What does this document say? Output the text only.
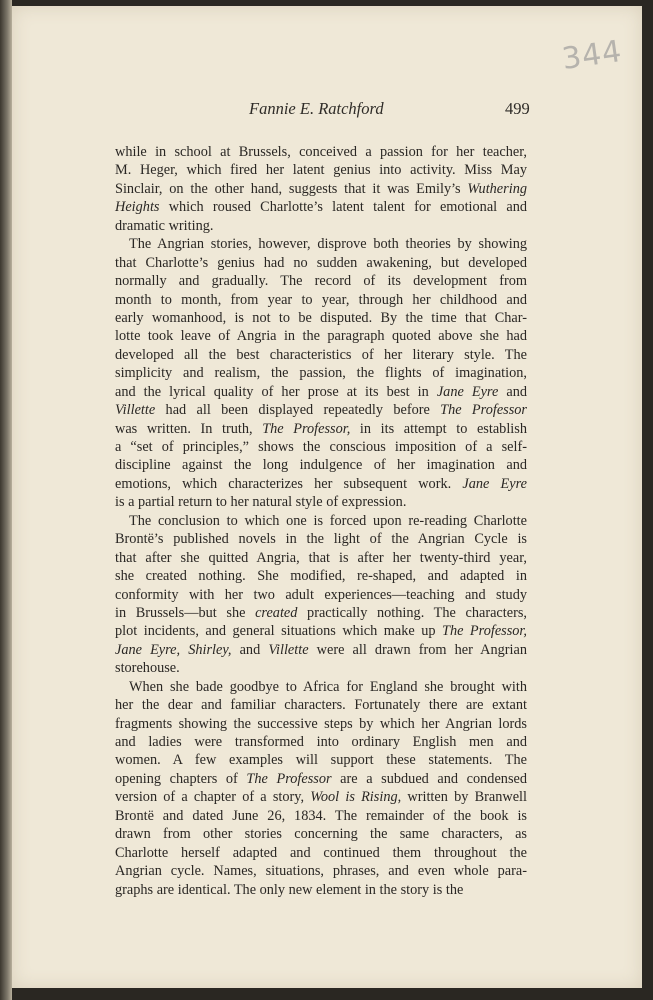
344
Fannie E. Ratchford	499
while in school at Brussels, conceived a passion for her teacher,
M. Heger, which fired her latent genius into activity. Miss May
Sinclair, on the other hand, suggests that it was Emily’s Wuthering
Heights which roused Charlotte’s latent talent for emotional and
dramatic writing.
The Angrian stories, however, disprove both theories by showing
that Charlotte’s genius had no sudden awakening, but developed
normally and gradually. The record of its development from
month to month, from year to year, through her childhood and
early womanhood, is not to be disputed. By the time that Char-
lotte took leave of Angria in the paragraph quoted above she had
developed all the best characteristics of her literary style. The
simplicity and realism, the passion, the flights of imagination,
and the lyrical quality of her prose at its best in Jane Eyre and
Villette had all been displayed repeatedly before The Professor
was written. In truth, The Professor, in its attempt to establish
a “set of principles,” shows the conscious imposition of a self-
discipline against the long indulgence of her imagination and
emotions, which characterizes her subsequent work. Jane Eyre
is a partial return to her natural style of expression.
The conclusion to which one is forced upon re-reading Charlotte
Brontë’s published novels in the light of the Angrian Cycle is
that after she quitted Angria, that is after her twenty-third year,
she created nothing. She modified, re-shaped, and adapted in
conformity with her two adult experiences—teaching and study
in Brussels—but she created practically nothing. The characters,
plot incidents, and general situations which make up The Professor,
Jane Eyre, Shirley, and Villette were all drawn from her Angrian
storehouse.
When she bade goodbye to Africa for England she brought with
her the dear and familiar characters. Fortunately there are extant
fragments showing the successive steps by which her Angrian lords
and ladies were transformed into ordinary English men and
women. A few examples will support these statements. The
opening chapters of The Professor are a subdued and condensed
version of a chapter of a story, Wool is Rising, written by Branwell
Brontë and dated June 26, 1834. The remainder of the book is
drawn from other stories concerning the same characters, as
Charlotte herself adapted and continued them throughout the
Angrian cycle. Names, situations, phrases, and even whole para-
graphs are identical. The only new element in the story is the
